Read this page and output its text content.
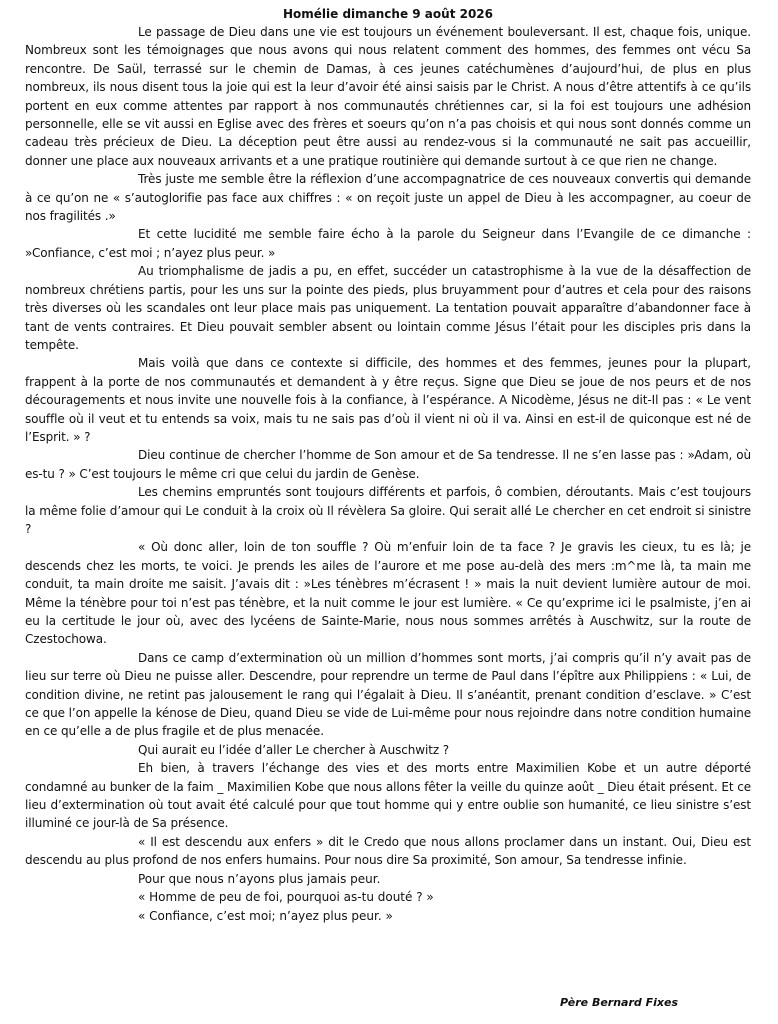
Homélie dimanche 9 août 2026

Le passage de Dieu dans une vie est toujours un événement bouleversant. Il est, chaque fois, unique. Nombreux sont les témoignages que nous avons qui nous relatent comment des hommes, des femmes ont vécu Sa rencontre. De Saül, terrassé sur le chemin de Damas, à ces jeunes catéchumènes d’aujourd’hui, de plus en plus nombreux, ils nous disent tous la joie qui est la leur d’avoir été ainsi saisis par le Christ. A nous d’être attentifs à ce qu’ils portent en eux comme attentes par rapport à nos communautés chrétiennes car, si la foi est toujours une adhésion personnelle, elle se vit aussi en Eglise avec des frères et soeurs qu’on n’a pas choisis et qui nous sont donnés comme un cadeau très précieux de Dieu. La déception peut être aussi au rendez-vous si la communauté ne sait pas accueillir, donner une place aux nouveaux arrivants et a une pratique routinière qui demande surtout à ce que rien ne change.

Très juste me semble être la réflexion d’une accompagnatrice de ces nouveaux convertis qui demande à ce qu’on ne « s’autoglorifie pas face aux chiffres : « on reçoit juste un appel de Dieu à les accompagner, au coeur de nos fragilités .»

Et cette lucidité me semble faire écho à la parole du Seigneur dans l’Evangile de ce dimanche : »Confiance, c’est moi ; n’ayez plus peur. »

Au triomphalisme de jadis a pu, en effet, succéder un catastrophisme à la vue de la désaffection de nombreux chrétiens partis, pour les uns sur la pointe des pieds, plus bruyamment pour d’autres et cela pour des raisons très diverses où les scandales ont leur place mais pas uniquement. La tentation pouvait apparaître d’abandonner face à tant de vents contraires. Et Dieu pouvait sembler absent ou lointain comme Jésus l’était pour les disciples pris dans la tempête.

Mais voilà que dans ce contexte si difficile, des hommes et des femmes, jeunes pour la plupart, frappent à la porte de nos communautés et demandent à y être reçus. Signe que Dieu se joue de nos peurs et de nos découragements et nous invite une nouvelle fois à la confiance, à l’espérance. A Nicodème, Jésus ne dit-Il pas : « Le vent souffle où il veut et tu entends sa voix, mais tu ne sais pas d’où il vient ni où il va. Ainsi en est-il de quiconque est né de l’Esprit. » ?

Dieu continue de chercher l’homme de Son amour et de Sa tendresse. Il ne s’en lasse pas : »Adam, où es-tu ? » C’est toujours le même cri que celui du jardin de Genèse.

Les chemins empruntés sont toujours différents et parfois, ô combien, déroutants. Mais c’est toujours la même folie d’amour qui Le conduit à la croix où Il révèlera Sa gloire. Qui serait allé Le chercher en cet endroit si sinistre ?

« Où donc aller, loin de ton souffle ? Où m’enfuir loin de ta face ? Je gravis les cieux, tu es là; je descends chez les morts, te voici. Je prends les ailes de l’aurore et me pose au-delà des mers :m^me là, ta main me conduit, ta main droite me saisit. J’avais dit : »Les ténèbres m’écrasent ! » mais la nuit devient lumière autour de moi. Même la ténèbre pour toi n’est pas ténèbre, et la nuit comme le jour est lumière. « Ce qu’exprime ici le psalmiste, j’en ai eu la certitude le jour où, avec des lycéens de Sainte-Marie, nous nous sommes arrêtés à Auschwitz, sur la route de Czestochowa.

Dans ce camp d’extermination où un million d’hommes sont morts, j’ai compris qu’il n’y avait pas de lieu sur terre où Dieu ne puisse aller. Descendre, pour reprendre un terme de Paul dans l’épître aux Philippiens : « Lui, de condition divine, ne retint pas jalousement le rang qui l’égalait à Dieu. Il s’anéantit, prenant condition d’esclave. » C’est ce que l’on appelle la kénose de Dieu, quand Dieu se vide de Lui-même pour nous rejoindre dans notre condition humaine en ce qu’elle a de plus fragile et de plus menacée.

Qui aurait eu l’idée d’aller Le chercher à Auschwitz ?

Eh bien, à travers l’échange des vies et des morts entre Maximilien Kobe et un autre déporté condamné au bunker de la faim _ Maximilien Kobe que nous allons fêter la veille du quinze août _ Dieu était présent. Et ce lieu d’extermination où tout avait été calculé pour que tout homme qui y entre oublie son humanité, ce lieu sinistre s’est illuminé ce jour-là de Sa présence.

« Il est descendu aux enfers » dit le Credo que nous allons proclamer dans un instant. Oui, Dieu est descendu au plus profond de nos enfers humains. Pour nous dire Sa proximité, Son amour, Sa tendresse infinie.

Pour que nous n’ayons plus jamais peur.

« Homme de peu de foi, pourquoi as-tu douté ? »

« Confiance, c’est moi; n’ayez plus peur. »

Père Bernard Fixes
